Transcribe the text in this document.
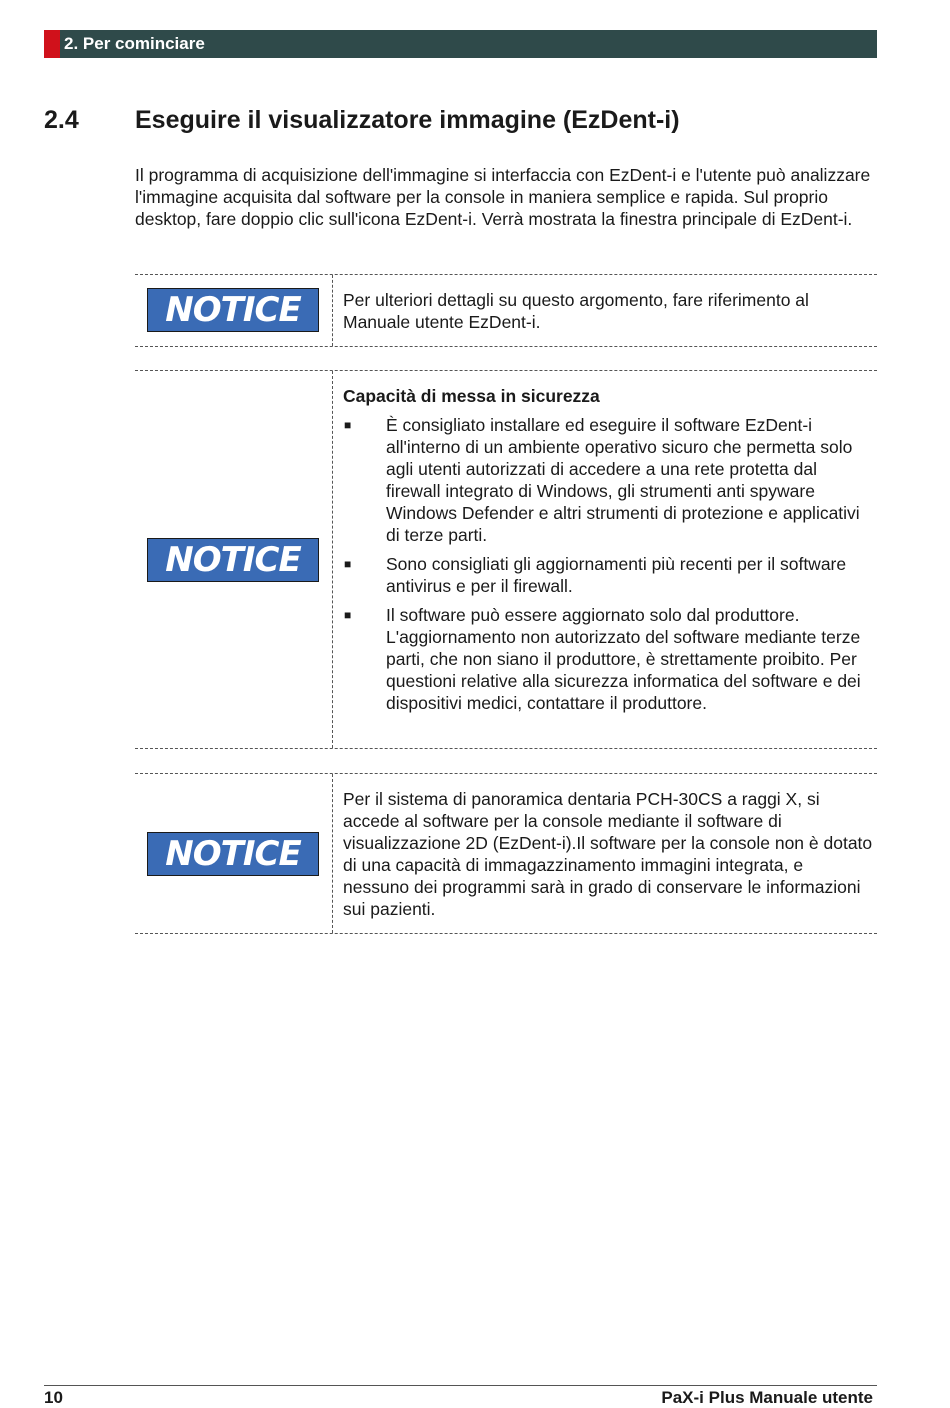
2. Per cominciare
2.4 Eseguire il visualizzatore immagine (EzDent-i)

Il programma di acquisizione dell'immagine si interfaccia con EzDent-i e l'utente può analizzare l'immagine acquisita dal software per la console in maniera semplice e rapida. Sul proprio desktop, fare doppio clic sull'icona EzDent-i. Verrà mostrata la finestra principale di EzDent-i.

NOTICE	Per ulteriori dettagli su questo argomento, fare riferimento al Manuale utente EzDent-i.

NOTICE

Capacità di messa in sicurezza

■ È consigliato installare ed eseguire il software EzDent-i all'interno di un ambiente operativo sicuro che permetta solo agli utenti autorizzati di accedere a una rete protetta dal firewall integrato di Windows, gli strumenti anti spyware Windows Defender e altri strumenti di protezione e applicativi di terze parti.
■ Sono consigliati gli aggiornamenti più recenti per il software antivirus e per il firewall.
■ Il software può essere aggiornato solo dal produttore. L'aggiornamento non autorizzato del software mediante terze parti, che non siano il produttore, è strettamente proibito. Per questioni relative alla sicurezza informatica del software e dei dispositivi medici, contattare il produttore.
NOTICE

Per il sistema di panoramica dentaria PCH-30CS a raggi X, si accede al software per la console mediante il software di visualizzazione 2D (EzDent-i).Il software per la console non è dotato di una capacità di immagazzinamento immagini integrata, e nessuno dei programmi sarà in grado di conservare le informazioni sui pazienti.

10	PaX-i Plus Manuale utente
